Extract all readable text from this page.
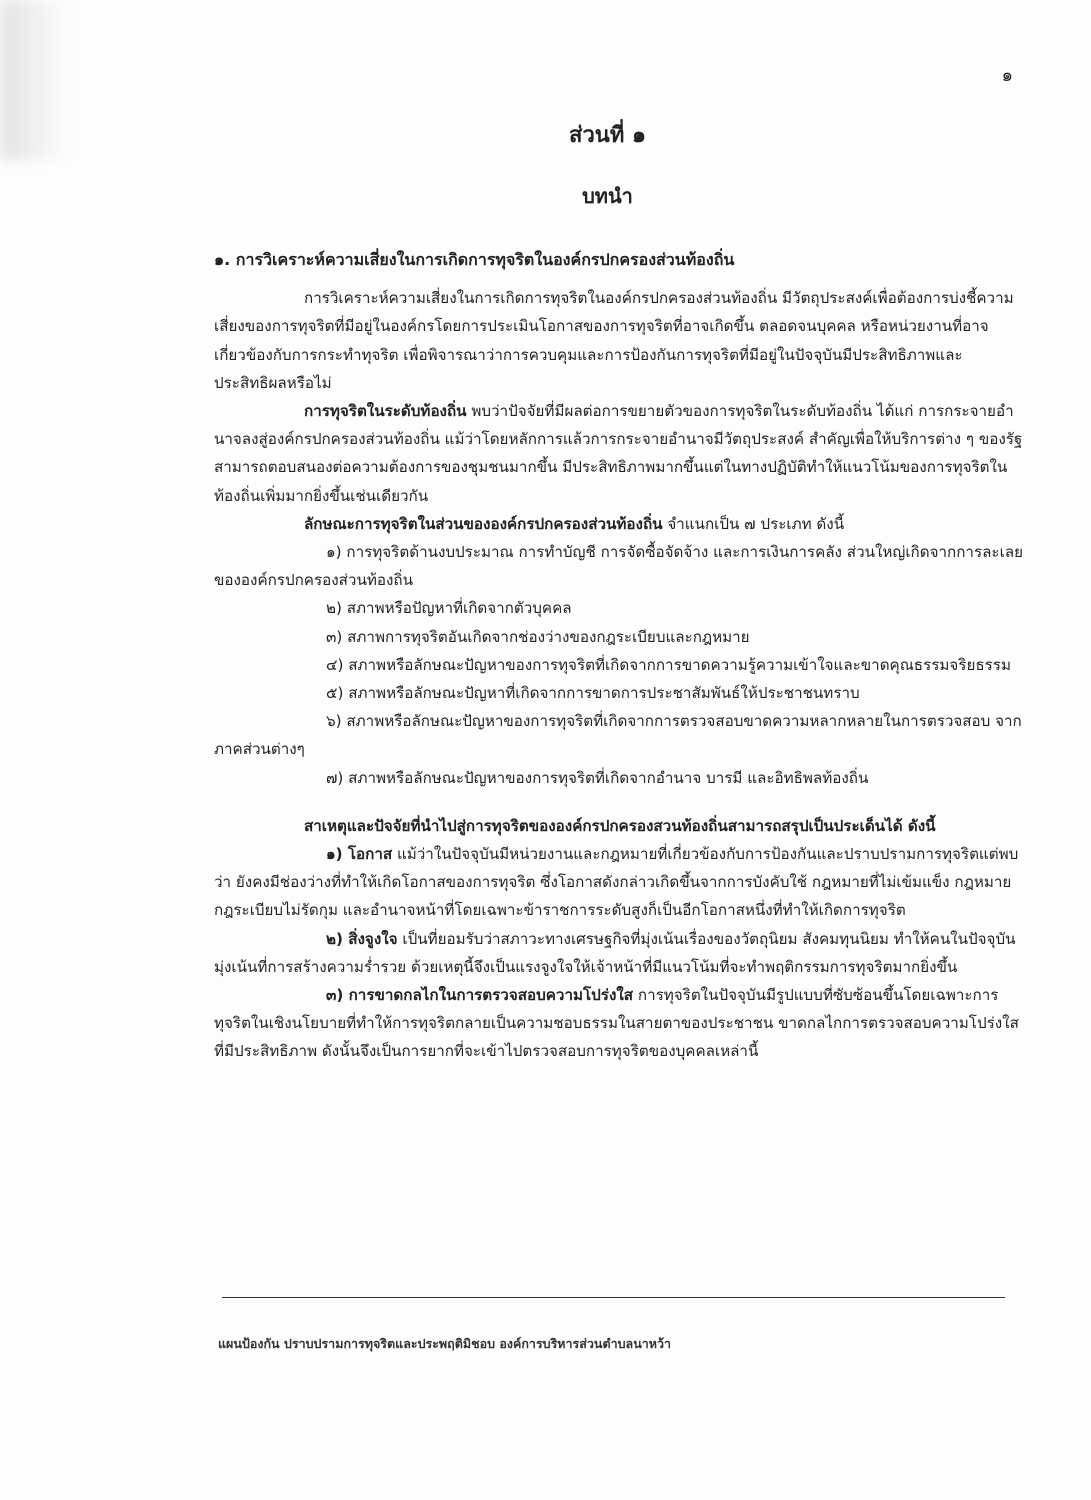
๑
ส่วนที่ ๑
บทนำ

๑. การวิเคราะห์ความเสี่ยงในการเกิดการทุจริตในองค์กรปกครองส่วนท้องถิ่น

การวิเคราะห์ความเสี่ยงในการเกิดการทุจริตในองค์กรปกครองส่วนท้องถิ่น มีวัตถุประสงค์เพื่อต้องการบ่งชี้ความเสี่ยงของการทุจริตที่มีอยู่ในองค์กรโดยการประเมินโอกาสของการทุจริตที่อาจเกิดขึ้น ตลอดจนบุคคล หรือหน่วยงานที่อาจเกี่ยวข้องกับการกระทำทุจริต เพื่อพิจารณาว่าการควบคุมและการป้องกันการทุจริตที่มีอยู่ในปัจจุบันมีประสิทธิภาพและประสิทธิผลหรือไม่

การทุจริตในระดับท้องถิ่น พบว่าปัจจัยที่มีผลต่อการขยายตัวของการทุจริตในระดับท้องถิ่น ได้แก่ การกระจายอำนาจลงสู่องค์กรปกครองส่วนท้องถิ่น แม้ว่าโดยหลักการแล้วการกระจายอำนาจมีวัตถุประสงค์ สำคัญเพื่อให้บริการต่าง ๆ ของรัฐสามารถตอบสนองต่อความต้องการของชุมชนมากขึ้น มีประสิทธิภาพมากขึ้นแต่ในทางปฏิบัติทำให้แนวโน้มของการทุจริตในท้องถิ่นเพิ่มมากยิ่งขึ้นเช่นเดียวกัน

ลักษณะการทุจริตในส่วนขององค์กรปกครองส่วนท้องถิ่น จำแนกเป็น ๗ ประเภท ดังนี้

๑) การทุจริตด้านงบประมาณ การทำบัญชี การจัดซื้อจัดจ้าง และการเงินการคลัง ส่วนใหญ่เกิดจากการละเลยขององค์กรปกครองส่วนท้องถิ่น

๒) สภาพหรือปัญหาที่เกิดจากตัวบุคคล

๓) สภาพการทุจริตอันเกิดจากช่องว่างของกฎระเบียบและกฎหมาย

๔) สภาพหรือลักษณะปัญหาของการทุจริตที่เกิดจากการขาดความรู้ความเข้าใจและขาดคุณธรรมจริยธรรม

๕) สภาพหรือลักษณะปัญหาที่เกิดจากการขาดการประชาสัมพันธ์ให้ประชาชนทราบ

๖) สภาพหรือลักษณะปัญหาของการทุจริตที่เกิดจากการตรวจสอบขาดความหลากหลายในการตรวจสอบ จากภาคส่วนต่างๆ

๗) สภาพหรือลักษณะปัญหาของการทุจริตที่เกิดจากอำนาจ บารมี และอิทธิพลท้องถิ่น

สาเหตุและปัจจัยที่นำไปสู่การทุจริตขององค์กรปกครองสวนท้องถิ่นสามารถสรุปเป็นประเด็นได้ ดังนี้

๑) โอกาส แม้ว่าในปัจจุบันมีหน่วยงานและกฎหมายที่เกี่ยวข้องกับการป้องกันและปราบปรามการทุจริตแต่พบว่า ยังคงมีช่องว่างที่ทำให้เกิดโอกาสของการทุจริต ซึ่งโอกาสดังกล่าวเกิดขึ้นจากการบังคับใช้ กฎหมายที่ไม่เข้มแข็ง กฎหมาย กฎระเบียบไม่รัดกุม และอำนาจหน้าที่โดยเฉพาะข้าราชการระดับสูงก็เป็นอีกโอกาสหนึ่งที่ทำให้เกิดการทุจริต

๒) สิ่งจูงใจ เป็นที่ยอมรับว่าสภาวะทางเศรษฐกิจที่มุ่งเน้นเรื่องของวัตถุนิยม สังคมทุนนิยม ทำให้คนในปัจจุบันมุ่งเน้นที่การสร้างความร่ำรวย ด้วยเหตุนี้จึงเป็นแรงจูงใจให้เจ้าหน้าที่มีแนวโน้มที่จะทำพฤติกรรมการทุจริตมากยิ่งขึ้น

๓) การขาดกลไกในการตรวจสอบความโปร่งใส การทุจริตในปัจจุบันมีรูปแบบที่ซับซ้อนขึ้นโดยเฉพาะการทุจริตในเชิงนโยบายที่ทำให้การทุจริตกลายเป็นความชอบธรรมในสายตาของประชาชน ขาดกลไกการตรวจสอบความโปร่งใสที่มีประสิทธิภาพ ดังนั้นจึงเป็นการยากที่จะเข้าไปตรวจสอบการทุจริตของบุคคลเหล่านี้

แผนป้องกัน ปราบปรามการทุจริตและประพฤติมิชอบ องค์การบริหารส่วนตำบลนาหว้า
